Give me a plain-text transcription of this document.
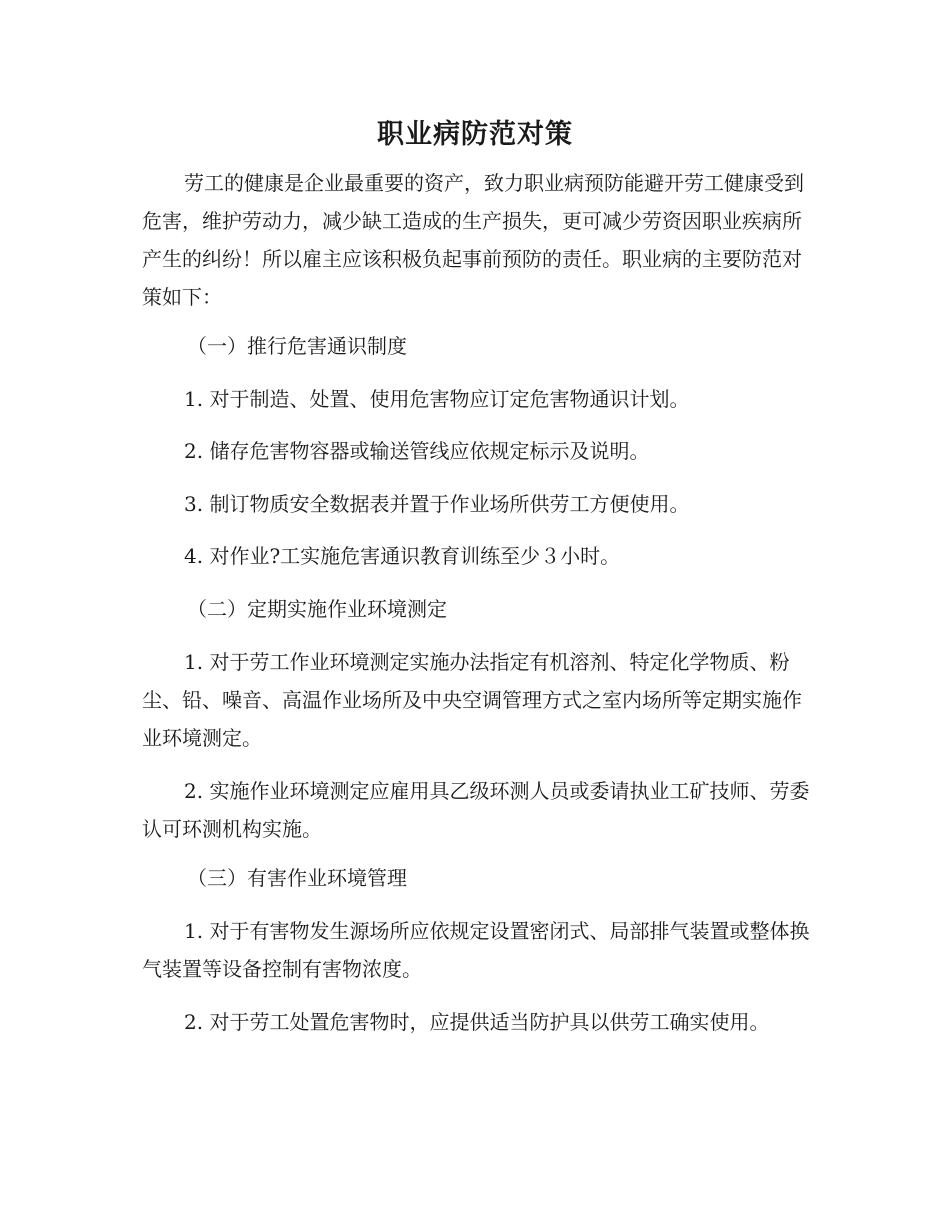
职业病防范对策

劳工的健康是企业最重要的资产，致力职业病预防能避开劳工健康受到危害，维护劳动力，减少缺工造成的生产损失，更可减少劳资因职业疾病所产生的纠纷！所以雇主应该积极负起事前预防的责任。职业病的主要防范对策如下：

（一）推行危害通识制度

1. 对于制造、处置、使用危害物应订定危害物通识计划。

2. 储存危害物容器或输送管线应依规定标示及说明。

3. 制订物质安全数据表并置于作业场所供劳工方便使用。

4. 对作业?工实施危害通识教育训练至少３小时。

（二）定期实施作业环境测定

1. 对于劳工作业环境测定实施办法指定有机溶剂、特定化学物质、粉尘、铅、噪音、高温作业场所及中央空调管理方式之室内场所等定期实施作业环境测定。

2. 实施作业环境测定应雇用具乙级环测人员或委请执业工矿技师、劳委认可环测机构实施。

（三）有害作业环境管理

1. 对于有害物发生源场所应依规定设置密闭式、局部排气装置或整体换气装置等设备控制有害物浓度。

2. 对于劳工处置危害物时，应提供适当防护具以供劳工确实使用。
